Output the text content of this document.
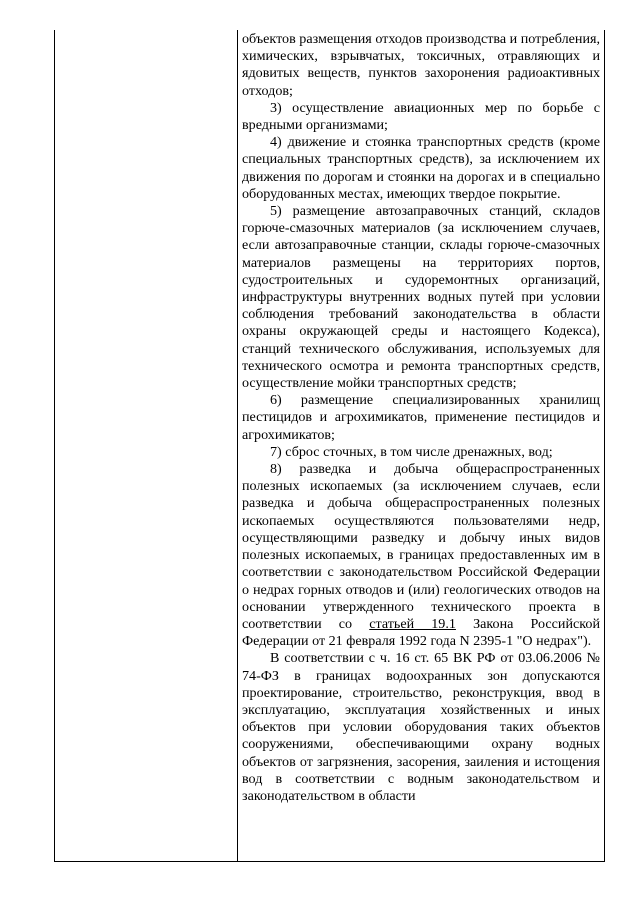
объектов размещения отходов производства и потребления, химических, взрывчатых, токсичных, отравляющих и ядовитых веществ, пунктов захоронения радиоактивных отходов;

3) осуществление авиационных мер по борьбе с вредными организмами;

4) движение и стоянка транспортных средств (кроме специальных транспортных средств), за исключением их движения по дорогам и стоянки на дорогах и в специально оборудованных местах, имеющих твердое покрытие.

5) размещение автозаправочных станций, складов горюче-смазочных материалов (за исключением случаев, если автозаправочные станции, склады горюче-смазочных материалов размещены на территориях портов, судостроительных и судоремонтных организаций, инфраструктуры внутренних водных путей при условии соблюдения требований законодательства в области охраны окружающей среды и настоящего Кодекса), станций технического обслуживания, используемых для технического осмотра и ремонта транспортных средств, осуществление мойки транспортных средств;

6) размещение специализированных хранилищ пестицидов и агрохимикатов, применение пестицидов и агрохимикатов;

7) сброс сточных, в том числе дренажных, вод;

8) разведка и добыча общераспространенных полезных ископаемых (за исключением случаев, если разведка и добыча общераспространенных полезных ископаемых осуществляются пользователями недр, осуществляющими разведку и добычу иных видов полезных ископаемых, в границах предоставленных им в соответствии с законодательством Российской Федерации о недрах горных отводов и (или) геологических отводов на основании утвержденного технического проекта в соответствии со статьей 19.1 Закона Российской Федерации от 21 февраля 1992 года N 2395-1 "О недрах").

В соответствии с ч. 16 ст. 65 ВК РФ от 03.06.2006 № 74-ФЗ в границах водоохранных зон допускаются проектирование, строительство, реконструкция, ввод в эксплуатацию, эксплуатация хозяйственных и иных объектов при условии оборудования таких объектов сооружениями, обеспечивающими охрану водных объектов от загрязнения, засорения, заиления и истощения вод в соответствии с водным законодательством и законодательством в области
